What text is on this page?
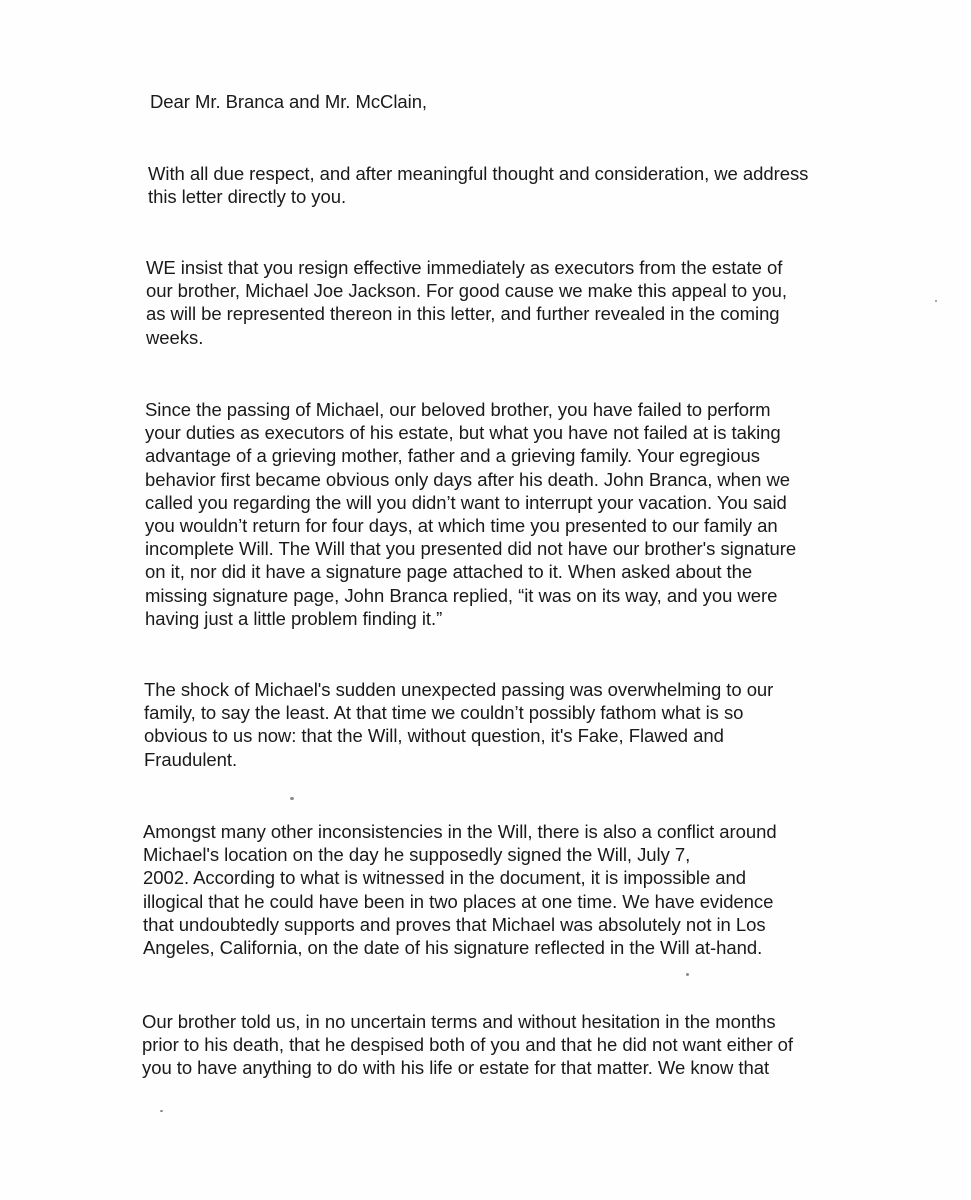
Dear Mr. Branca and Mr. McClain,

With all due respect, and after meaningful thought and consideration, we address
this letter directly to you.

WE insist that you resign effective immediately as executors from the estate of
our brother, Michael Joe Jackson. For good cause we make this appeal to you,
as will be represented thereon in this letter, and further revealed in the coming
weeks.

Since the passing of Michael, our beloved brother, you have failed to perform
your duties as executors of his estate, but what you have not failed at is taking
advantage of a grieving mother, father and a grieving family. Your egregious
behavior first became obvious only days after his death. John Branca, when we
called you regarding the will you didn’t want to interrupt your vacation. You said
you wouldn’t return for four days, at which time you presented to our family an
incomplete Will. The Will that you presented did not have our brother's signature
on it, nor did it have a signature page attached to it. When asked about the
missing signature page, John Branca replied, “it was on its way, and you were
having just a little problem finding it.”

The shock of Michael's sudden unexpected passing was overwhelming to our
family, to say the least. At that time we couldn’t possibly fathom what is so
obvious to us now: that the Will, without question, it's Fake, Flawed and
Fraudulent.

Amongst many other inconsistencies in the Will, there is also a conflict around
Michael's location on the day he supposedly signed the Will, July 7,
2002. According to what is witnessed in the document, it is impossible and
illogical that he could have been in two places at one time. We have evidence
that undoubtedly supports and proves that Michael was absolutely not in Los
Angeles, California, on the date of his signature reflected in the Will at-hand.

Our brother told us, in no uncertain terms and without hesitation in the months
prior to his death, that he despised both of you and that he did not want either of
you to have anything to do with his life or estate for that matter. We know that
